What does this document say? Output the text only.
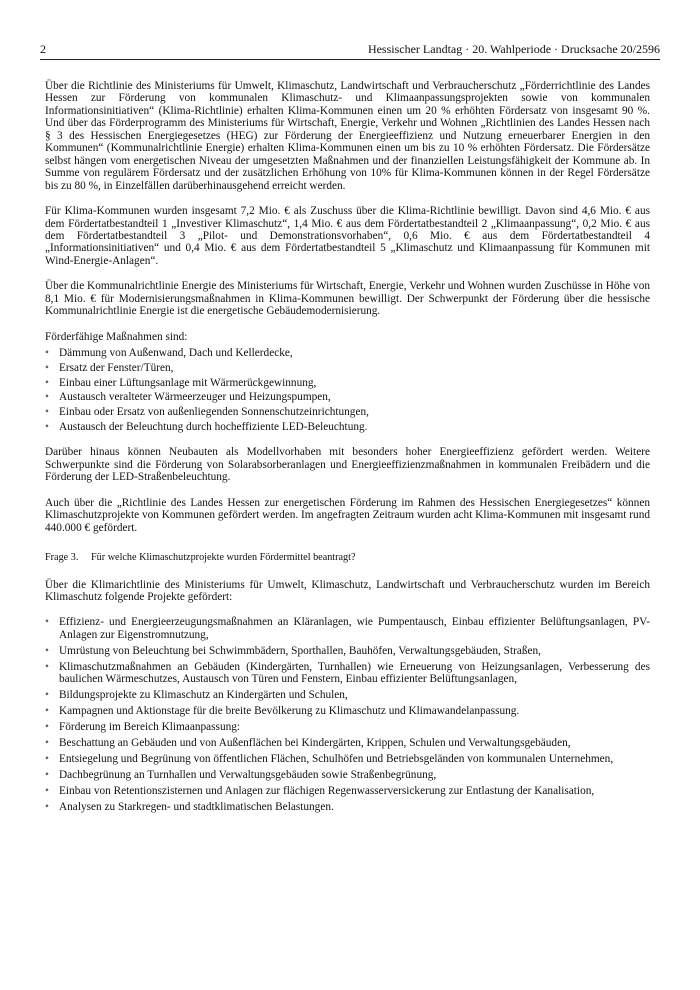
2	Hessischer Landtag · 20. Wahlperiode · Drucksache 20/2596

Über die Richtlinie des Ministeriums für Umwelt, Klimaschutz, Landwirtschaft und Verbraucherschutz „Förderrichtlinie des Landes Hessen zur Förderung von kommunalen Klimaschutz- und Klimaanpassungsprojekten sowie von kommunalen Informationsinitiativen“ (Klima-Richtlinie) erhalten Klima-Kommunen einen um 20 % erhöhten Fördersatz von insgesamt 90 %. Und über das Förderprogramm des Ministeriums für Wirtschaft, Energie, Verkehr und Wohnen „Richtlinien des Landes Hessen nach § 3 des Hessischen Energiegesetzes (HEG) zur Förderung der Energieeffizienz und Nutzung erneuerbarer Energien in den Kommunen“ (Kommunalrichtlinie Energie) erhalten Klima-Kommunen einen um bis zu 10 % erhöhten Fördersatz. Die Fördersätze selbst hängen vom energetischen Niveau der umgesetzten Maßnahmen und der finanziellen Leistungsfähigkeit der Kommune ab. In Summe von regulärem Fördersatz und der zusätzlichen Erhöhung von 10% für Klima-Kommunen können in der Regel Fördersätze bis zu 80 %, in Einzelfällen darüberhinausgehend erreicht werden.

Für Klima-Kommunen wurden insgesamt 7,2 Mio. € als Zuschuss über die Klima-Richtlinie bewilligt. Davon sind 4,6 Mio. € aus dem Fördertatbestandteil 1 „Investiver Klimaschutz“, 1,4 Mio. € aus dem Fördertatbestandteil 2 „Klimaanpassung“, 0,2 Mio. € aus dem Fördertatbestandteil 3 „Pilot- und Demonstrationsvorhaben“, 0,6 Mio. € aus dem Fördertatbestandteil 4 „Informationsinitiativen“ und 0,4 Mio. € aus dem Fördertatbestandteil 5 „Klimaschutz und Klimaanpassung für Kommunen mit Wind-Energie-Anlagen“.

Über die Kommunalrichtlinie Energie des Ministeriums für Wirtschaft, Energie, Verkehr und Wohnen wurden Zuschüsse in Höhe von 8,1 Mio. € für Modernisierungsmaßnahmen in Klima-Kommunen bewilligt. Der Schwerpunkt der Förderung über die hessische Kommunalrichtlinie Energie ist die energetische Gebäudemodernisierung.

Förderfähige Maßnahmen sind:

• Dämmung von Außenwand, Dach und Kellerdecke,
• Ersatz der Fenster/Türen,
• Einbau einer Lüftungsanlage mit Wärmerückgewinnung,
• Austausch veralteter Wärmeerzeuger und Heizungspumpen,
• Einbau oder Ersatz von außenliegenden Sonnenschutzeinrichtungen,
• Austausch der Beleuchtung durch hocheffiziente LED-Beleuchtung.

Darüber hinaus können Neubauten als Modellvorhaben mit besonders hoher Energieeffizienz gefördert werden. Weitere Schwerpunkte sind die Förderung von Solarabsorberanlagen und Energieeffizienzmaßnahmen in kommunalen Freibädern und die Förderung der LED-Straßenbeleuchtung.

Auch über die „Richtlinie des Landes Hessen zur energetischen Förderung im Rahmen des Hessischen Energiegesetzes“ können Klimaschutzprojekte von Kommunen gefördert werden. Im angefragten Zeitraum wurden acht Klima-Kommunen mit insgesamt rund 440.000 € gefördert.

Frage 3.	Für welche Klimaschutzprojekte wurden Fördermittel beantragt?

Über die Klimarichtlinie des Ministeriums für Umwelt, Klimaschutz, Landwirtschaft und Verbraucherschutz wurden im Bereich Klimaschutz folgende Projekte gefördert:

• Effizienz- und Energieerzeugungsmaßnahmen an Kläranlagen, wie Pumpentausch, Einbau effizienter Belüftungsanlagen, PV-Anlagen zur Eigenstromnutzung,
• Umrüstung von Beleuchtung bei Schwimmbädern, Sporthallen, Bauhöfen, Verwaltungsgebäuden, Straßen,
• Klimaschutzmaßnahmen an Gebäuden (Kindergärten, Turnhallen) wie Erneuerung von Heizungsanlagen, Verbesserung des baulichen Wärmeschutzes, Austausch von Türen und Fenstern, Einbau effizienter Belüftungsanlagen,
• Bildungsprojekte zu Klimaschutz an Kindergärten und Schulen,
• Kampagnen und Aktionstage für die breite Bevölkerung zu Klimaschutz und Klimawandelanpassung.
• Förderung im Bereich Klimaanpassung:
• Beschattung an Gebäuden und von Außenflächen bei Kindergärten, Krippen, Schulen und Verwaltungsgebäuden,
• Entsiegelung und Begrünung von öffentlichen Flächen, Schulhöfen und Betriebsgeländen von kommunalen Unternehmen,
• Dachbegrünung an Turnhallen und Verwaltungsgebäuden sowie Straßenbegrünung,
• Einbau von Retentionszisternen und Anlagen zur flächigen Regenwasserversickerung zur Entlastung der Kanalisation,
• Analysen zu Starkregen- und stadtklimatischen Belastungen.
